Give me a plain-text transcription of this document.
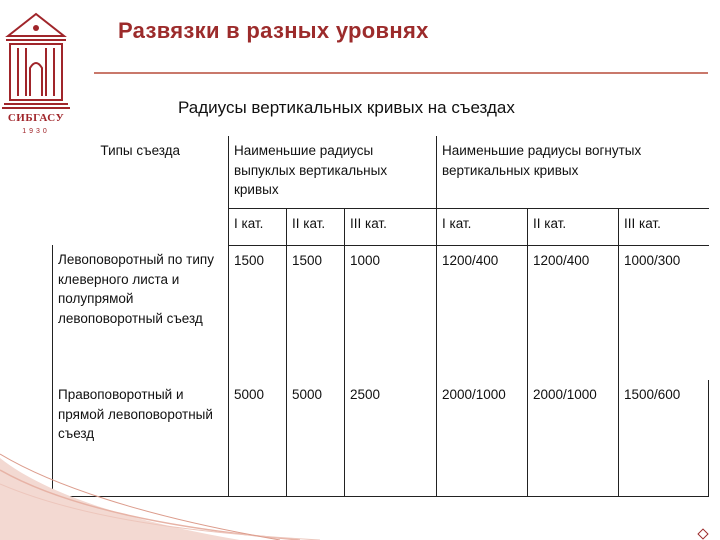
СИБГАСУ
1930
Развязки в разных уровнях
Радиусы вертикальных кривых на съездах
Типы съезда	Наименьшие радиусы выпуклых вертикальных кривых			Наименьшие радиусы вогнутых вертикальных кривых		
	I кат.	II кат.	III кат.	I кат.	II кат.	III кат.
Левоповоротный по типу клеверного листа и полупрямой левоповоротный съезд	1500	1500	1000	1200/400	1200/400	1000/300
Правоповоротный и прямой левоповоротный съезд	5000	5000	2500	2000/1000	2000/1000	1500/600
